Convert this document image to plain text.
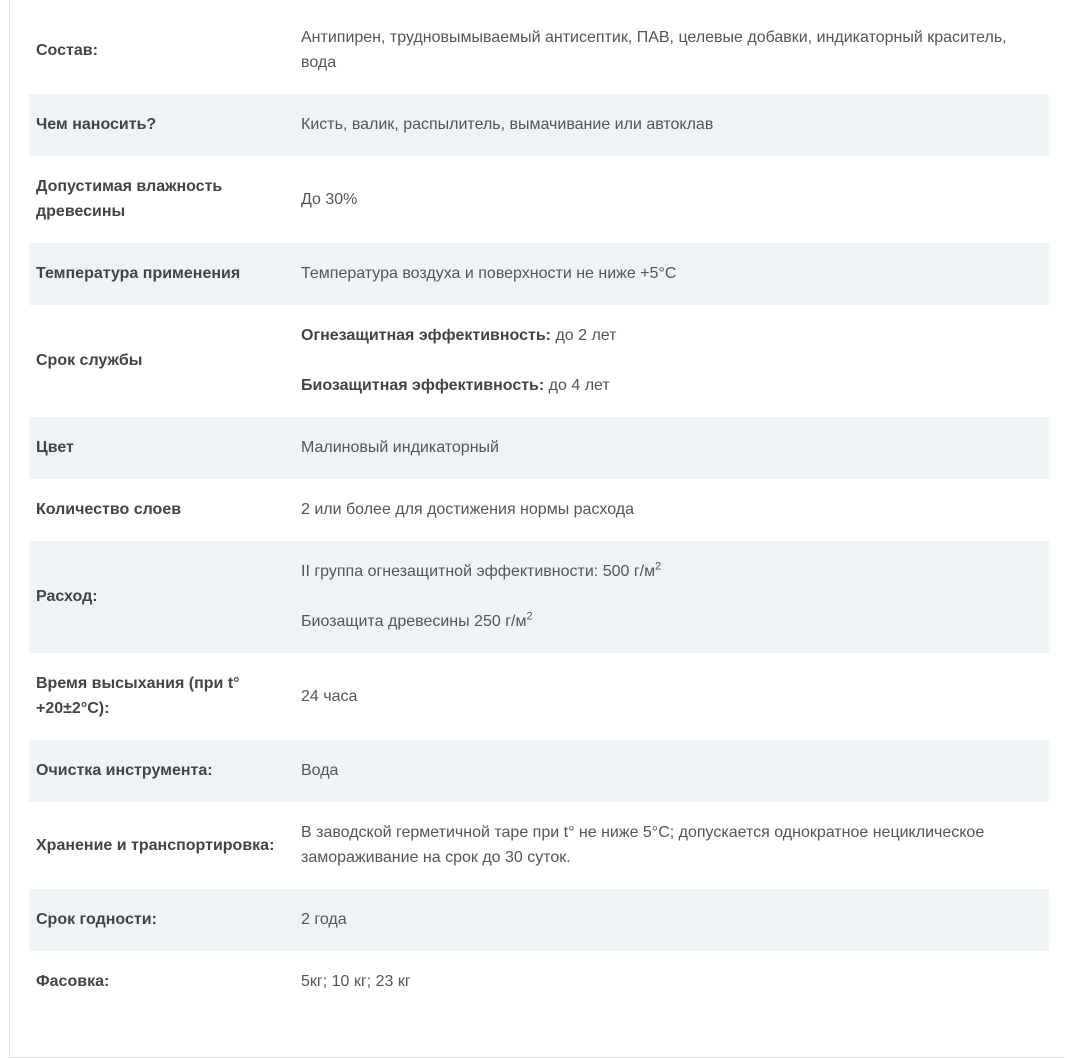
Состав:	Антипирен, трудновымываемый антисептик, ПАВ, целевые добавки, индикаторный краситель, вода
Чем наносить?	Кисть, валик, распылитель, вымачивание или автоклав
Допустимая влажность древесины	До 30%
Температура применения	Температура воздуха и поверхности не ниже +5°С
Срок службы	Огнезащитная эффективность: до 2 лет
Биозащитная эффективность: до 4 лет

Цвет	Малиновый индикаторный
Количество слоев	2 или более для достижения нормы расхода
Расход:	II группа огнезащитной эффективности: 500 $г/м^2$
Биозащита древесины 250 $г/м^2$

Время высыхания (при t° +20±2°С):	24 часа
Очистка инструмента:	Вода
Хранение и транспортировка:	В заводской герметичной таре при t° не ниже 5°С; допускается однократное нециклическое замораживание на срок до 30 суток.
Срок годности:	2 года
Фасовка:	5кг; 10 кг; 23 кг
